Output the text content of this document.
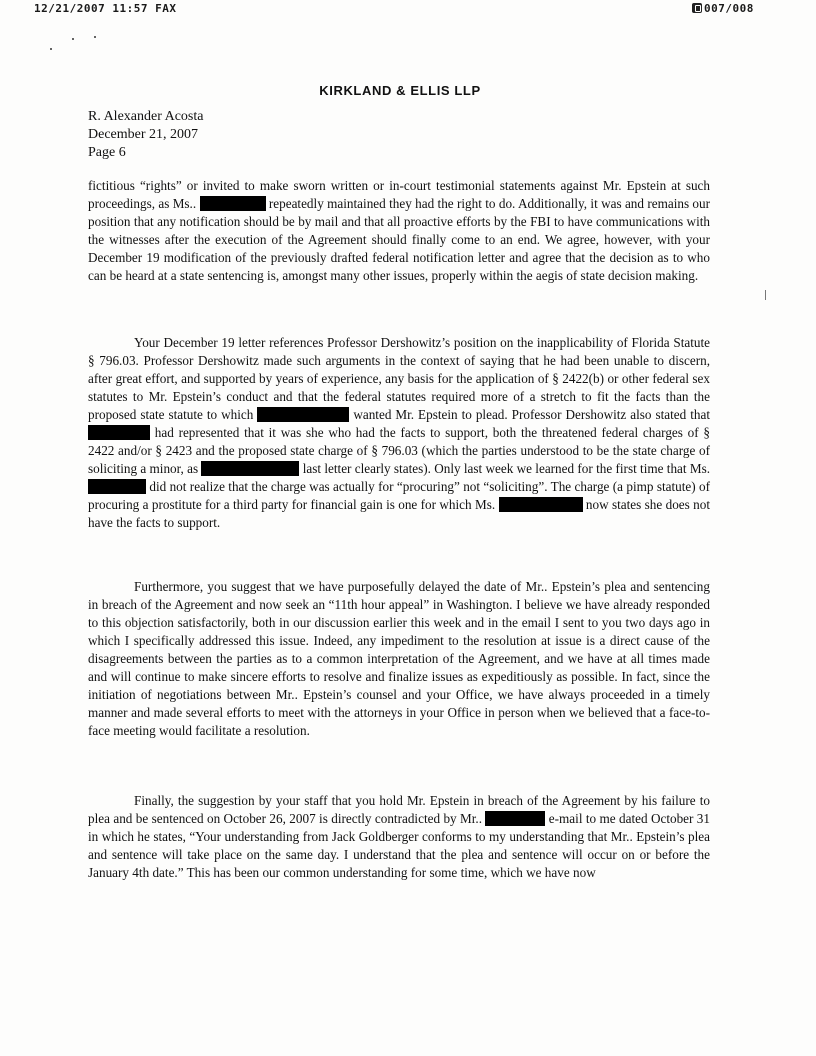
12/21/2007 11:57 FAX	007/008
KIRKLAND & ELLIS LLP
R. Alexander Acosta
December 21, 2007
Page 6
fictitious “rights” or invited to make sworn written or in-court testimonial statements against Mr. Epstein at such proceedings, as Ms..	repeatedly maintained they had the right to do. Additionally, it was and remains our position that any notification should be by mail and that all proactive efforts by the FBI to have communications with the witnesses after the execution of the Agreement should finally come to an end. We agree, however, with your December 19 modification of the previously drafted federal notification letter and agree that the decision as to who can be heard at a state sentencing is, amongst many other issues, properly within the aegis of state decision making.
Your December 19 letter references Professor Dershowitz’s position on the inapplicability of Florida Statute § 796.03. Professor Dershowitz made such arguments in the context of saying that he had been unable to discern, after great effort, and supported by years of experience, any basis for the application of § 2422(b) or other federal sex statutes to Mr. Epstein’s conduct and that the federal statutes required more of a stretch to fit the facts than the proposed state statute to which	wanted Mr. Epstein to plead. Professor Dershowitz also stated that  had represented that it was she who had the facts to support, both the threatened federal charges of § 2422 and/or § 2423 and the proposed state charge of § 796.03 (which the parties understood to be the state charge of soliciting a minor, as	last letter clearly states). Only last week we learned for the first time that Ms.  did not realize that the charge was actually for “procuring” not “soliciting”. The charge (a pimp statute) of procuring a prostitute for a third party for financial gain is one for which Ms.	now states she does not have the facts to support.
Furthermore, you suggest that we have purposefully delayed the date of Mr.. Epstein’s plea and sentencing in breach of the Agreement and now seek an “11th hour appeal” in Washington. I believe we have already responded to this objection satisfactorily, both in our discussion earlier this week and in the email I sent to you two days ago in which I specifically addressed this issue. Indeed, any impediment to the resolution at issue is a direct cause of the disagreements between the parties as to a common interpretation of the Agreement, and we have at all times made and will continue to make sincere efforts to resolve and finalize issues as expeditiously as possible. In fact, since the initiation of negotiations between Mr.. Epstein’s counsel and your Office, we have always proceeded in a timely manner and made several efforts to meet with the attorneys in your Office in person when we believed that a face-to-face meeting would facilitate a resolution.
Finally, the suggestion by your staff that you hold Mr. Epstein in breach of the Agreement by his failure to plea and be sentenced on October 26, 2007 is directly contradicted by Mr..	e-mail to me dated October 31 in which he states, “Your understanding from Jack Goldberger conforms to my understanding that Mr.. Epstein’s plea and sentence will take place on the same day. I understand that the plea and sentence will occur on or before the January 4th date.” This has been our common understanding for some time, which we have now
